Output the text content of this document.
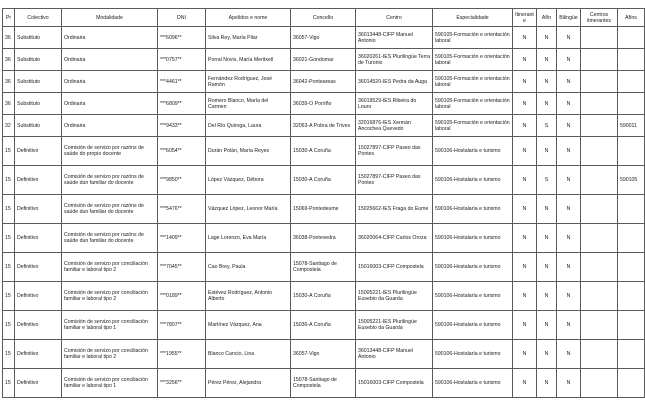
Pr	Colectivo	Modalidade	DNI	Apelidos e nome	Concello	Centro	Especialidade	Itinerante	Afín	Bilingüe	Centros itinerantes	Afíns
36	Substituto	Ordinaria	***6096**	Silva Rey, María Pilar	36057-Vigo	36013448-CIFP Manuel Antonio	590105-Formación e orientación laboral	N	N	N		
36	Substituto	Ordinaria	***0757**	Porral Novis, María Meritxell	36021-Gondomar	36020261-IES Plurilingüe Terra de Turonio	590105-Formación e orientación laboral	N	N	N		
36	Substituto	Ordinaria	***4461**	Fernández Rodríguez, José Ramón	36042-Ponteareas	36014520-IES Pedra da Auga	590105-Formación e orientación laboral	N	N	N		
36	Substituto	Ordinaria	***6809**	Romero Blanco, María del Carmen	36039-O Porriño	36019529-IES Ribeira do Louro	590105-Formación e orientación laboral	N	N	N		
32	Substituto	Ordinaria	***9433**	Del Río Quiroga, Laura	32063-A Pobra de Trives	32016876-IES Xermán Ancochea Quevedo	590105-Formación e orientación laboral	N	S	N		590011
15	Definitivo	Comisión de servizo por razóns de saúde do propio docente	***6054**	Durán Polán, María Reyes	15030-A Coruña	15027897-CIFP Paseo das Pontes	590106-Hostalaría e turismo	N	N	N		
15	Definitivo	Comisión de servizo por razóns de saúde dun familiar do docente	***9850**	López Vázquez, Débora	15030-A Coruña	15027897-CIFP Paseo das Pontes	590106-Hostalaría e turismo	N	S	N		590105
15	Definitivo	Comisión de servizo por razóns de saúde dun familiar do docente	***5476**	Vázquez López, Leonor María	15069-Pontedeume	15025662-IES Fraga do Eume	590106-Hostalaría e turismo	N	N	N		
15	Definitivo	Comisión de servizo por razóns de saúde dun familiar do docente	***1409**	Lage Lorenzo, Eva María	36038-Pontevedra	36020064-CIFP Carlos Oroza	590106-Hostalaría e turismo	N	N	N		
15	Definitivo	Comisión de servizo por conciliación familiar e laboral tipo 2	***7045**	Cao Brey, Paula	15078-Santiago de Compostela	15016003-CIFP Compostela	590106-Hostalaría e turismo	N	N	N		
15	Definitivo	Comisión de servizo por conciliación familiar e laboral tipo 2	***0189**	Estévez Rodríguez, Antonio Alberto	15030-A Coruña	15005221-IES Plurilingüe Eusebio da Guarda	590106-Hostalaría e turismo	N	N	N		
15	Definitivo	Comisión de servizo por conciliación familiar e laboral tipo 1	***7807**	Martínez Vázquez, Ana	15030-A Coruña	15005221-IES Plurilingüe Eusebio da Guarda	590106-Hostalaría e turismo	N	N	N		
15	Definitivo	Comisión de servizo por conciliación familiar e laboral tipo 2	***1955**	Blanco Cancio, Lina	36057-Vigo	36013448-CIFP Manuel Antonio	590106-Hostalaría e turismo	N	N	N		
15	Definitivo	Comisión de servizo por conciliación familiar e laboral tipo 1	***3256**	Pérez Pérez, Alejandra	15078-Santiago de Compostela	15016003-CIFP Compostela	590106-Hostalaría e turismo	N	N	N		
